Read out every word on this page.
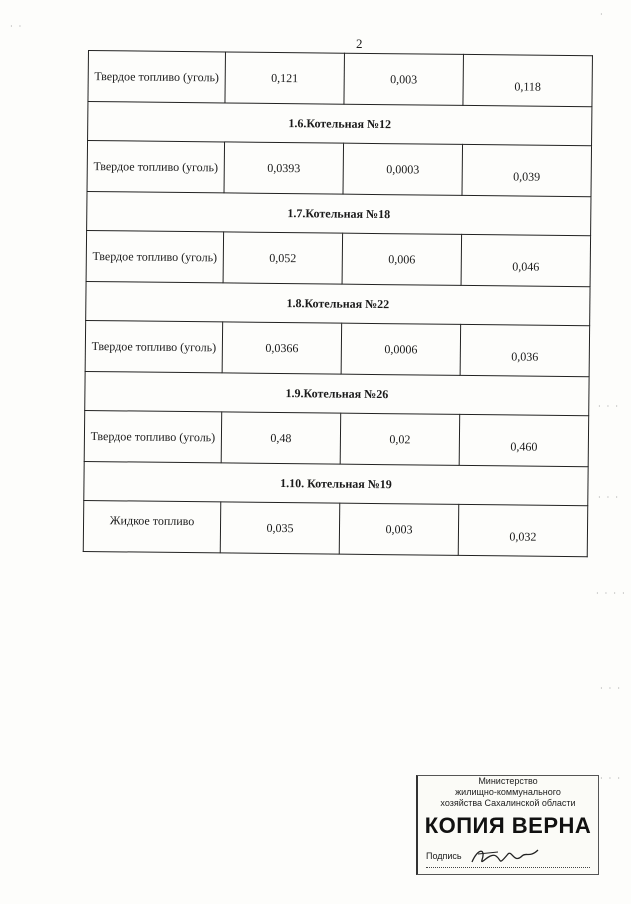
2
Твердое топливо (уголь)	0,121	0,003	0,118
1.6.Котельная №12			
Твердое топливо (уголь)	0,0393	0,0003	0,039
1.7.Котельная №18			
Твердое топливо (уголь)	0,052	0,006	0,046
1.8.Котельная №22			
Твердое топливо (уголь)	0,0366	0,0006	0,036
1.9.Котельная №26			
Твердое топливо (уголь)	0,48	0,02	0,460
1.10. Котельная №19			
Жидкое топливо	0,035	0,003	0,032
Министерство
жилищно-коммунального
хозяйства Сахалинской области
КОПИЯ ВЕРНА
Подпись
· ·
·
· · ·
· · ·
· · · ·
· · ·
· · ·
